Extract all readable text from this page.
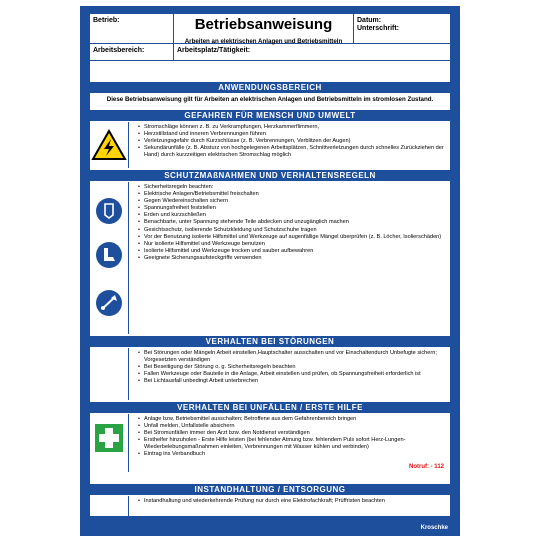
Betrieb:	Betriebsanweisung
Arbeiten an elektrischen Anlagen und Betriebsmitteln
Datum:
Unterschrift:
Arbeitsbereich:	Arbeitsplatz/Tätigkeit:
ANWENDUNGSBEREICH
Diese Betriebsanweisung gilt für Arbeiten an elektrischen Anlagen und Betriebsmitteln im stromlosen Zustand.
GEFAHREN FÜR MENSCH UND UMWELT
• Stromschläge können z. B. zu Verkrampfungen, Herzkammerflimmern,
• Herzstillstand und inneren Verbrennungen führen
• Verletzungsgefahr durch Kurzschlüsse (z. B. Verbrennungen, Verblitzen der Augen)
• Sekundärunfälle (z. B. Absturz von hochgelegenen Arbeitsplätzen, Schnittverletzungen durch schnelles Zurückziehen der Hand) durch kurzzeitigen elektrischen Stromschlag möglich
SCHUTZMAßNAHMEN UND VERHALTENSREGELN
• Sicherheitsregeln beachten:
• Elektrische Anlagen/Betriebsmittel freischalten
• Gegen Wiedereinschalten sichern
• Spannungsfreiheit feststellen
• Erden und kurzschließen
• Benachbarte, unter Spannung stehende Teile abdecken und unzugänglich machen
• Gesichtsschutz, isolierende Schutzkleidung und Schutzschuhe tragen
• Vor der Benutzung isolierte Hilfsmittel und Werkzeuge auf augenfällige Mängel überprüfen (z. B. Löcher, Isolierschäden)
• Nur isolierte Hilfsmittel und Werkzeuge benutzen
• Isolierte Hilfsmittel und Werkzeuge trocken und sauber aufbewahren
• Geeignete Sicherungsaufsteckgriffe verwenden
VERHALTEN BEI STÖRUNGEN
• Bei Störungen oder Mängeln Arbeit einstellen,Hauptschalter ausschalten und vor Einschaltendurch Unbefugte sichern; Vorgesetzten verständigen
• Bei Beseitigung der Störung o. g. Sicherheitsregeln beachten
• Fallen Werkzeuge oder Bauteile in die Anlage, Arbeit einstellen und prüfen, ob Spannungsfreiheit erforderlich ist
• Bei Lichtausfall unbedingt Arbeit unterbrechen
VERHALTEN BEI UNFÄLLEN / ERSTE HILFE
• Anlage bzw. Betriebsmittel ausschalten; Betroffene aus dem Gefahrenbereich bringen
• Unfall melden, Unfallstelle absichern
• Bei Stromunfällen immer den Arzt bzw. den Notdienst verständigen
• Ersthelfer hinzuholen - Erste Hilfe leisten (bei fehlender Atmung bzw. fehlendem Puls sofort Herz-Lungen-Wiederbelebungsmaßnahmen einleiten, Verbrennungen mit Wasser kühlen und verbinden)
• Eintrag ins Verbandbuch
Notruf: - 112
INSTANDHALTUNG / ENTSORGUNG
• Instandhaltung und wiederkehrende Prüfung nur durch eine Elektrofachkraft; Prüffristen beachten
Kroschke
